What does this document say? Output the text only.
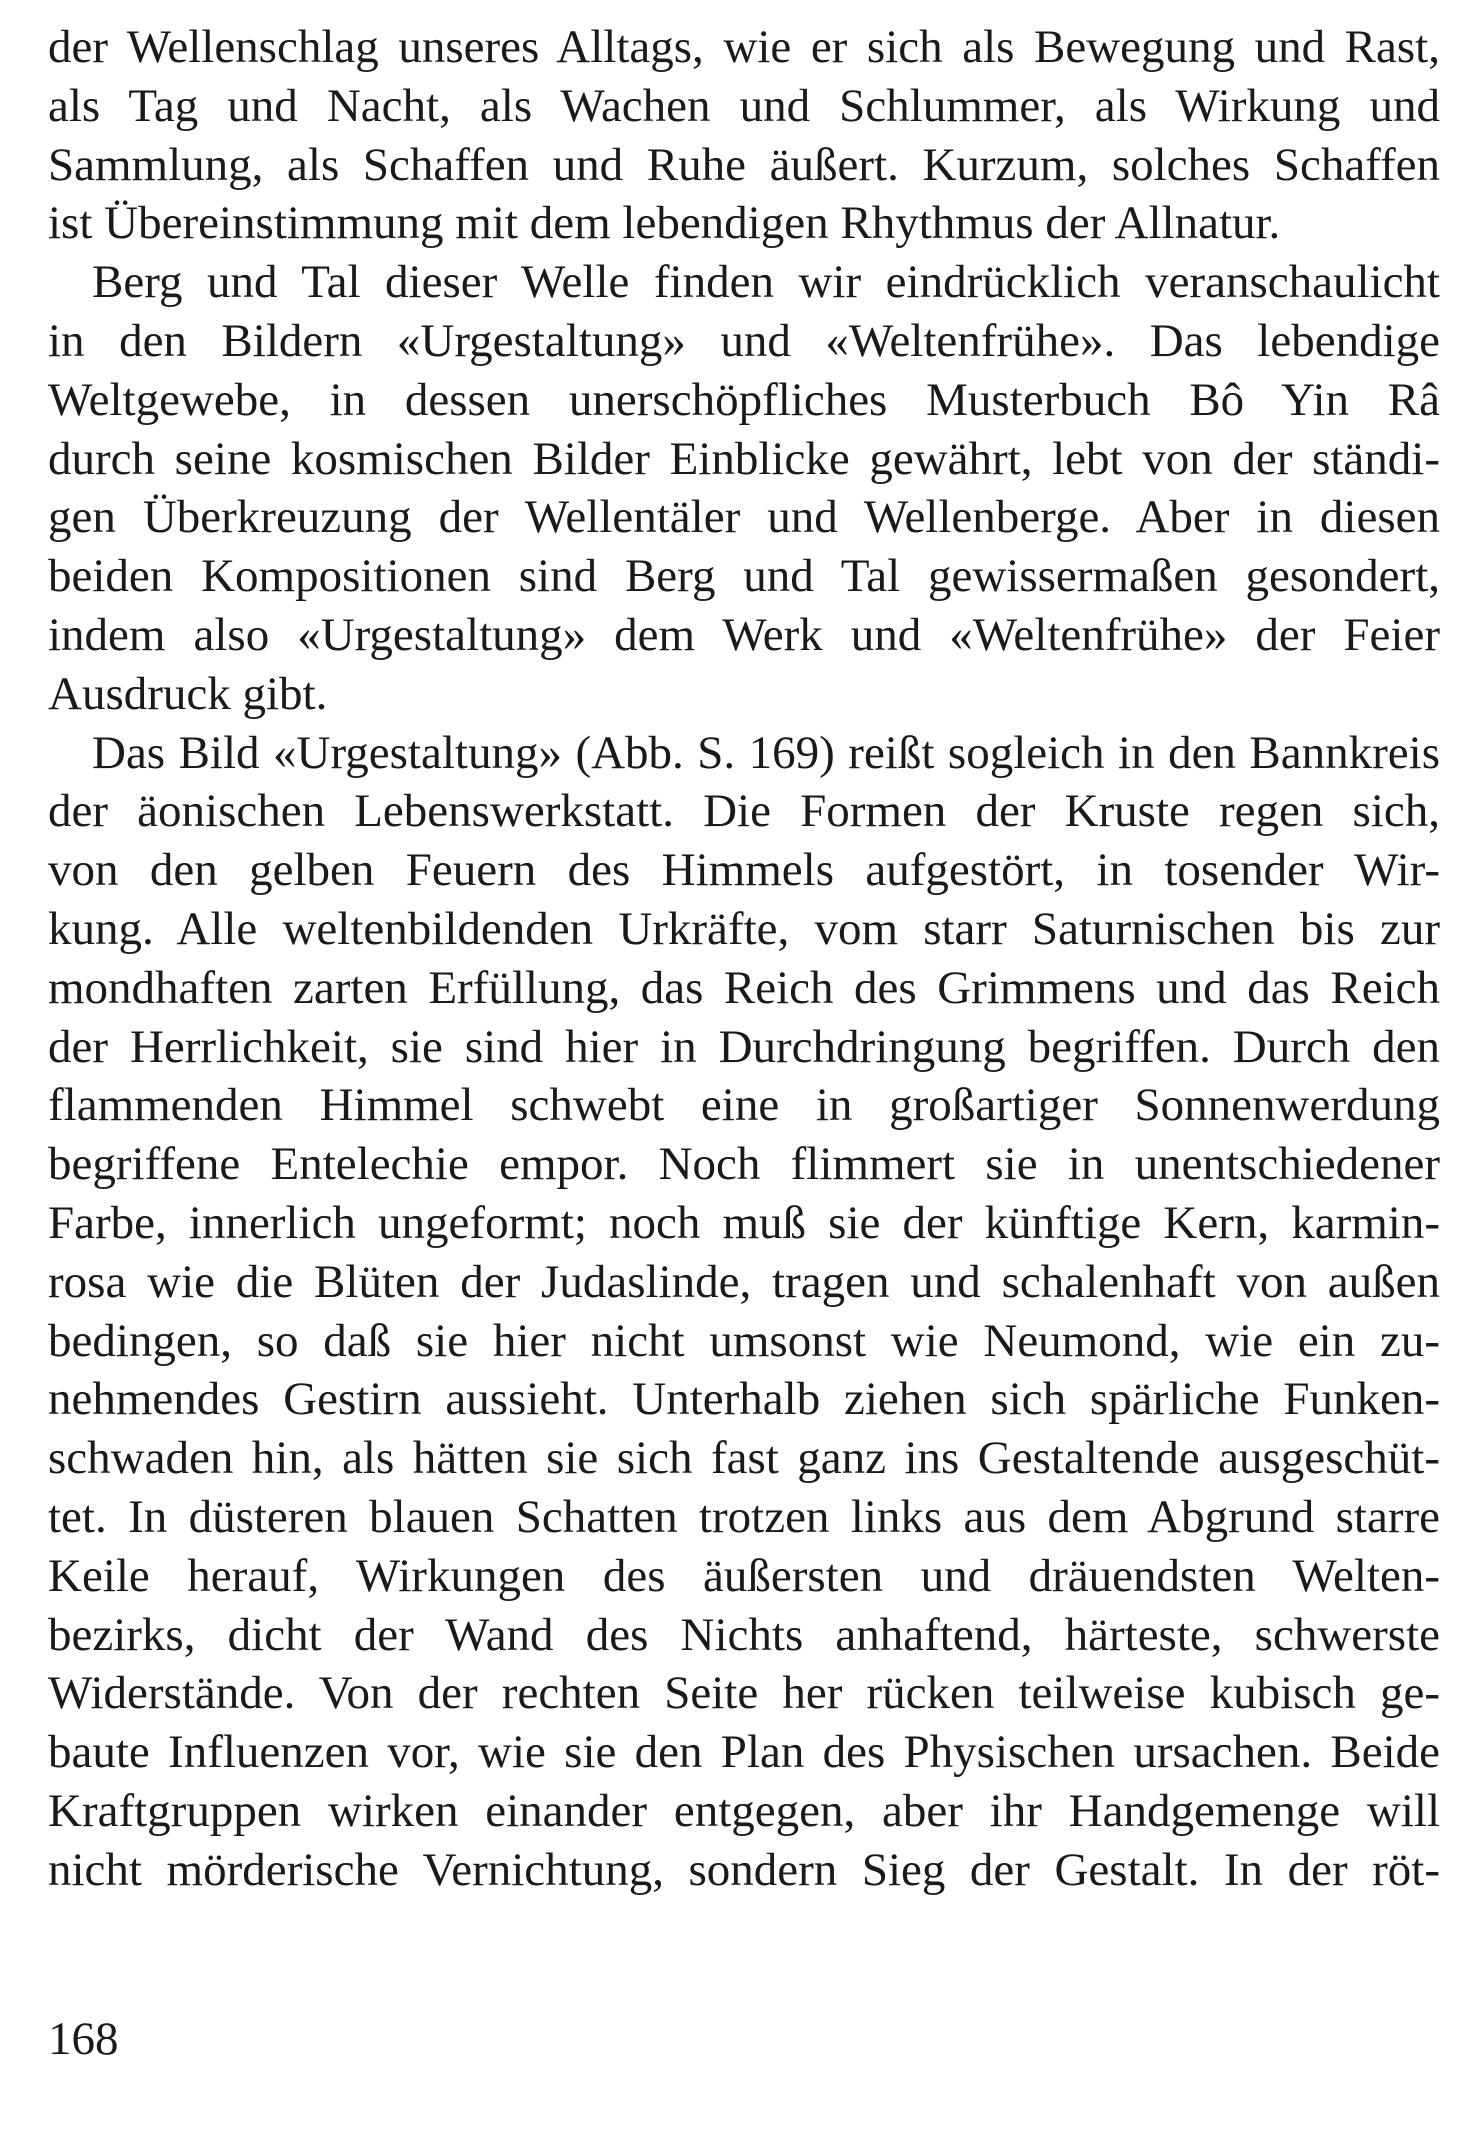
der Wellenschlag unseres Alltags, wie er sich als Bewegung und Rast,
als Tag und Nacht, als Wachen und Schlummer, als Wirkung und
Sammlung, als Schaffen und Ruhe äußert. Kurzum, solches Schaffen
ist Übereinstimmung mit dem lebendigen Rhythmus der Allnatur.
Berg und Tal dieser Welle finden wir eindrücklich veranschaulicht
in den Bildern «Urgestaltung» und «Weltenfrühe». Das lebendige
Weltgewebe, in dessen unerschöpfliches Musterbuch Bô Yin Râ
durch seine kosmischen Bilder Einblicke gewährt, lebt von der ständi-
gen Überkreuzung der Wellentäler und Wellenberge. Aber in diesen
beiden Kompositionen sind Berg und Tal gewissermaßen gesondert,
indem also «Urgestaltung» dem Werk und «Weltenfrühe» der Feier
Ausdruck gibt.
Das Bild «Urgestaltung» (Abb. S. 169) reißt sogleich in den Bannkreis
der äonischen Lebenswerkstatt. Die Formen der Kruste regen sich,
von den gelben Feuern des Himmels aufgestört, in tosender Wir-
kung. Alle weltenbildenden Urkräfte, vom starr Saturnischen bis zur
mondhaften zarten Erfüllung, das Reich des Grimmens und das Reich
der Herrlichkeit, sie sind hier in Durchdringung begriffen. Durch den
flammenden Himmel schwebt eine in großartiger Sonnenwerdung
begriffene Entelechie empor. Noch flimmert sie in unentschiedener
Farbe, innerlich ungeformt; noch muß sie der künftige Kern, karmin-
rosa wie die Blüten der Judaslinde, tragen und schalenhaft von außen
bedingen, so daß sie hier nicht umsonst wie Neumond, wie ein zu-
nehmendes Gestirn aussieht. Unterhalb ziehen sich spärliche Funken-
schwaden hin, als hätten sie sich fast ganz ins Gestaltende ausgeschüt-
tet. In düsteren blauen Schatten trotzen links aus dem Abgrund starre
Keile herauf, Wirkungen des äußersten und dräuendsten Welten-
bezirks, dicht der Wand des Nichts anhaftend, härteste, schwerste
Widerstände. Von der rechten Seite her rücken teilweise kubisch ge-
baute Influenzen vor, wie sie den Plan des Physischen ursachen. Beide
Kraftgruppen wirken einander entgegen, aber ihr Handgemenge will
nicht mörderische Vernichtung, sondern Sieg der Gestalt. In der röt-
168
